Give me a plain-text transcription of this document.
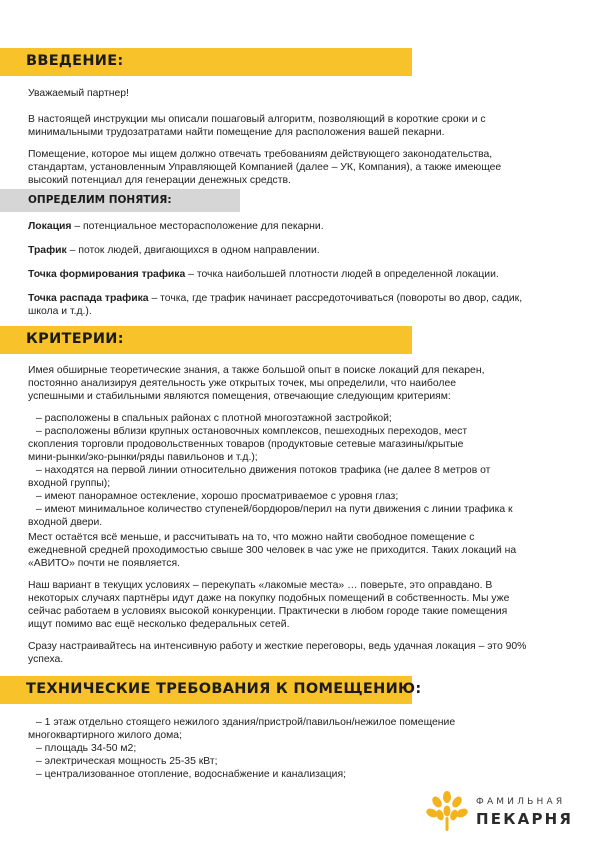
ВВЕДЕНИЕ:

Уважаемый партнер!

В настоящей инструкции мы описали пошаговый алгоритм, позволяющий в короткие сроки и с
минимальными трудозатратами найти помещение для расположения вашей пекарни.

Помещение, которое мы ищем должно отвечать требованиям действующего законодательства,
стандартам, установленным Управляющей Компанией (далее – УК, Компания), а также имеющее
высокий потенциал для генерации денежных средств.

ОПРЕДЕЛИМ ПОНЯТИЯ:

Локация – потенциальное месторасположение для пекарни.

Трафик – поток людей, двигающихся в одном направлении.

Точка формирования трафика – точка наибольшей плотности людей в определенной локации.

Точка распада трафика – точка, где трафик начинает рассредоточиваться (повороты во двор, садик,
школа и т.д.).

КРИТЕРИИ:

Имея обширные теоретические знания, а также большой опыт в поиске локаций для пекарен,
постоянно анализируя деятельность уже открытых точек, мы определили, что наиболее
успешными и стабильными являются помещения, отвечающие следующим критериям:

– расположены в спальных районах с плотной многоэтажной застройкой;
– расположены вблизи крупных остановочных комплексов, пешеходных переходов, мест
скопления торговли продовольственных товаров (продуктовые сетевые магазины/крытые
мини-рынки/эко-рынки/ряды павильонов и т.д.);
– находятся на первой линии относительно движения потоков трафика (не далее 8 метров от
входной группы);
– имеют панорамное остекление, хорошо просматриваемое с уровня глаз;
– имеют минимальное количество ступеней/бордюров/перил на пути движения с линии трафика к
входной двери.

Мест остаётся всё меньше, и рассчитывать на то, что можно найти свободное помещение с
ежедневной средней проходимостью свыше 300 человек в час уже не приходится. Таких локаций на
«АВИТО» почти не появляется.

Наш вариант в текущих условиях – перекупать «лакомые места» … поверьте, это оправдано. В
некоторых случаях партнёры идут даже на покупку подобных помещений в собственность. Мы уже
сейчас работаем в условиях высокой конкуренции. Практически в любом городе такие помещения
ищут помимо вас ещё несколько федеральных сетей.

Сразу настраивайтесь на интенсивную работу и жесткие переговоры, ведь удачная локация – это 90%
успеха.

ТЕХНИЧЕСКИЕ ТРЕБОВАНИЯ К ПОМЕЩЕНИЮ:

– 1 этаж отдельно стоящего нежилого здания/пристрой/павильон/нежилое помещение
многоквартирного жилого дома;
– площадь 34-50 м2;
– электрическая мощность 25-35 кВт;
– централизованное отопление, водоснабжение и канализация;

ФАМИЛЬНАЯ
ПЕКАРНЯ
